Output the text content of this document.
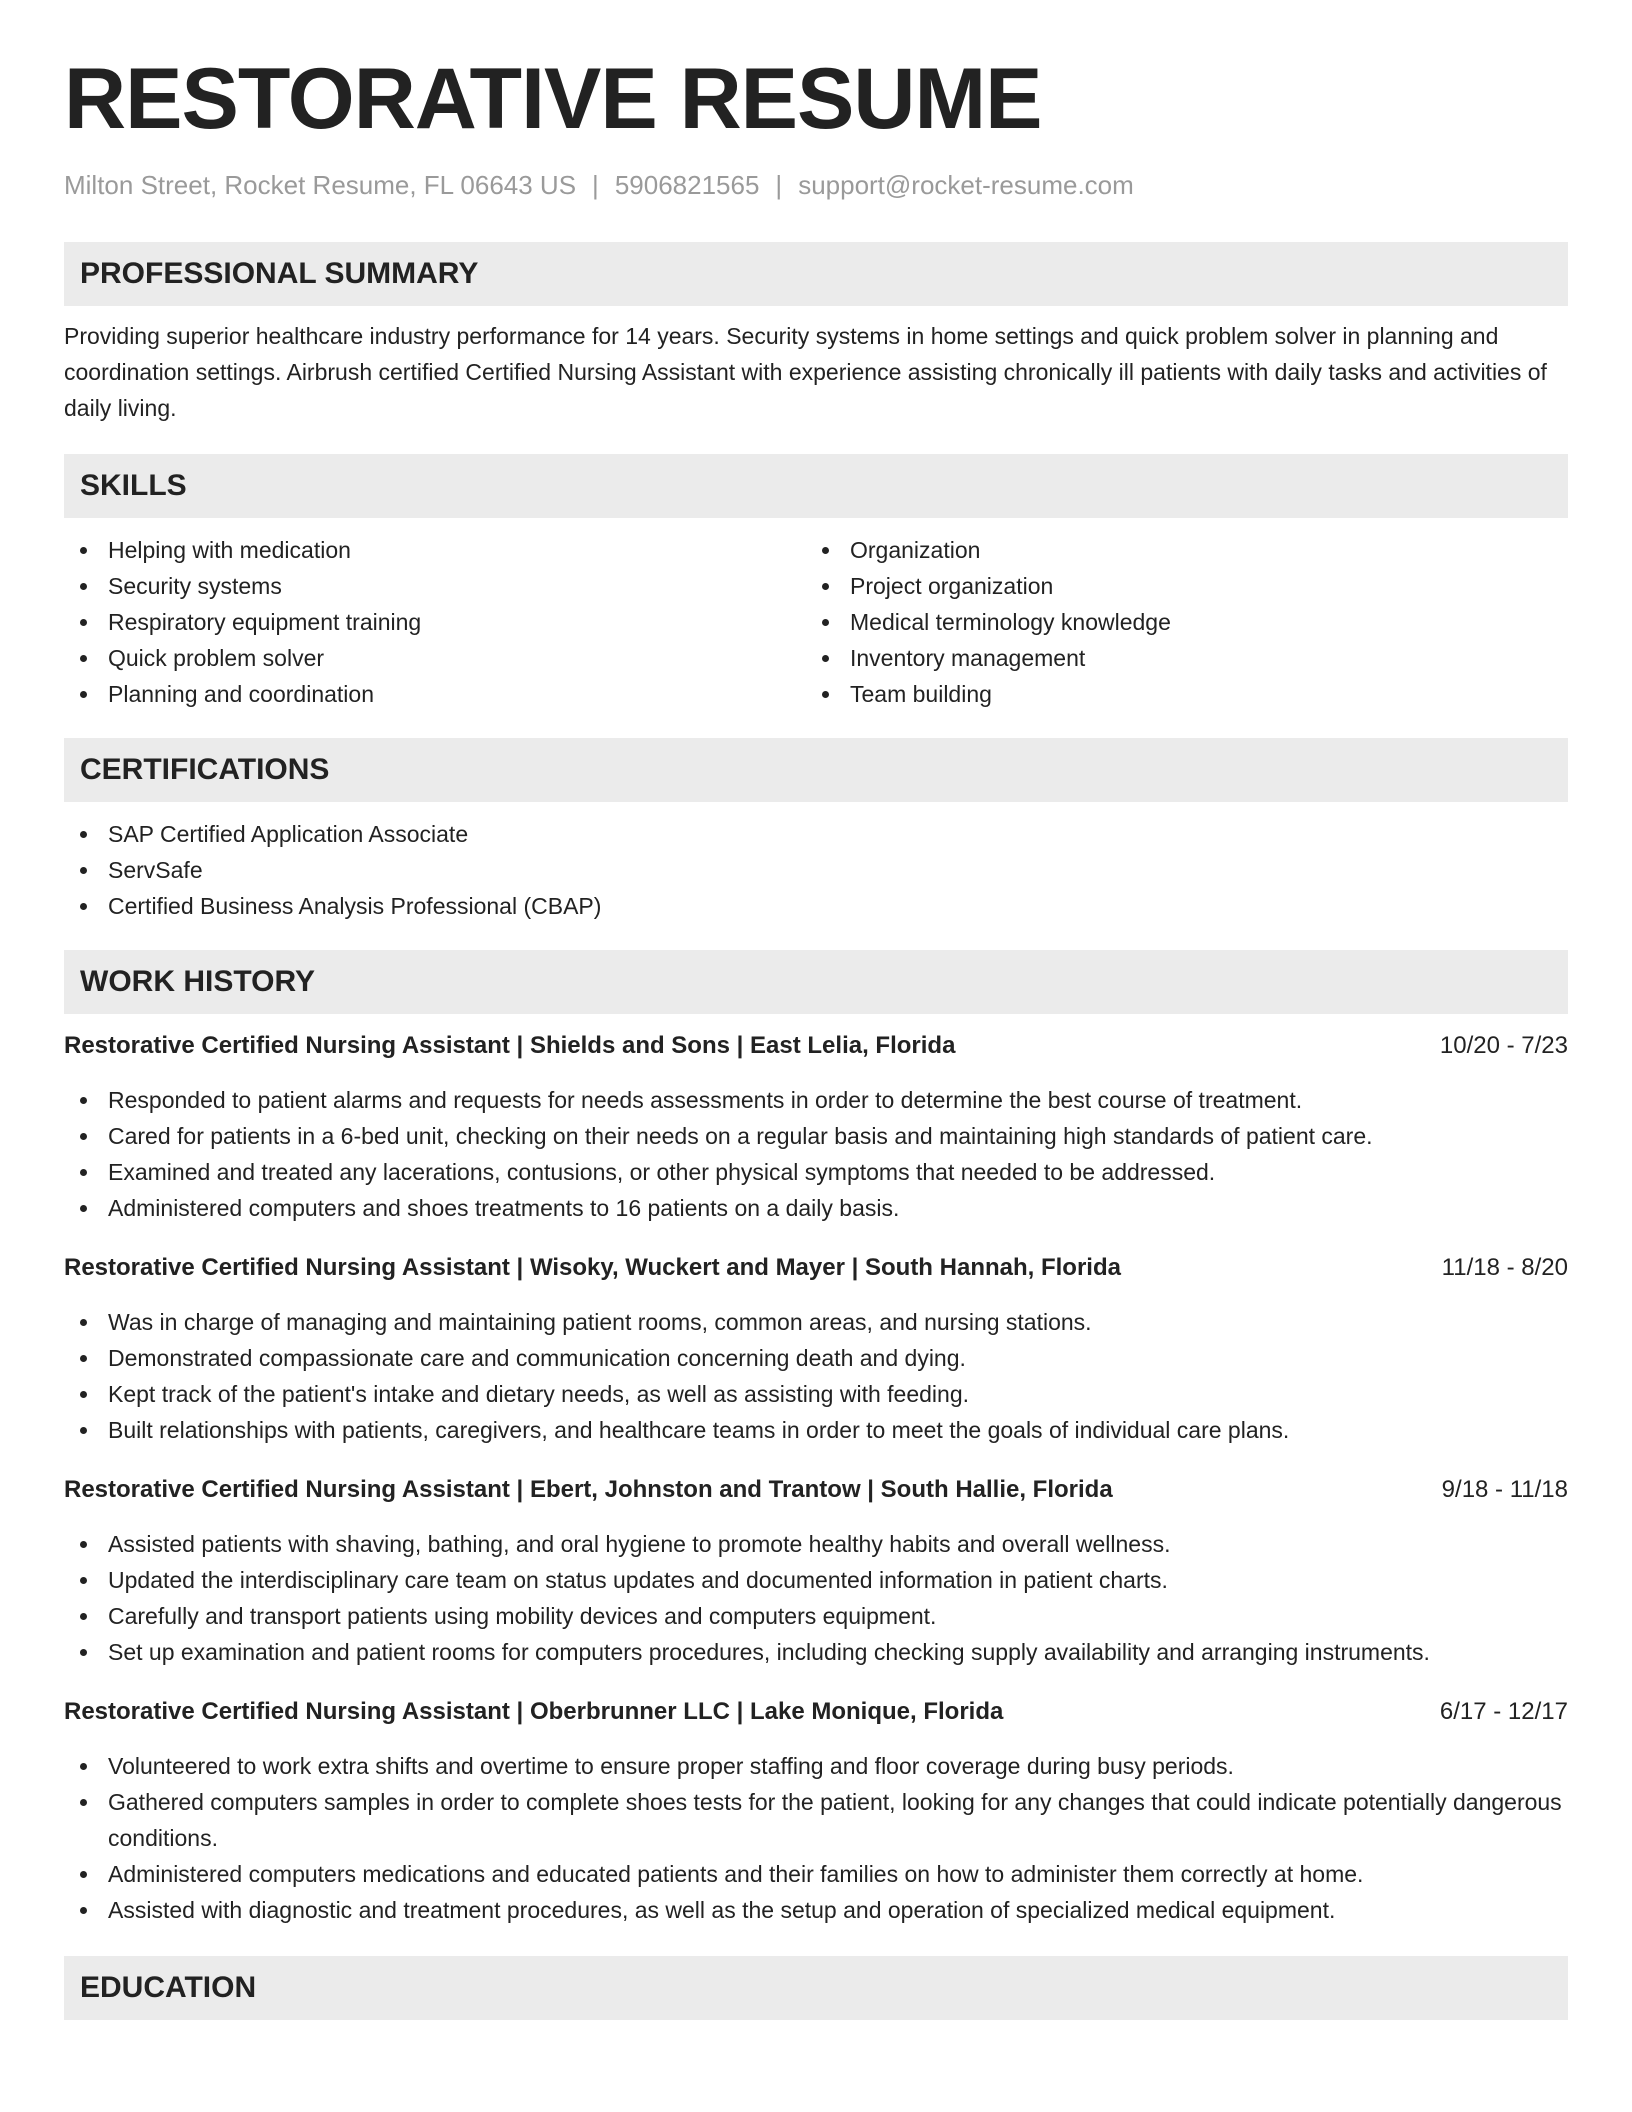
RESTORATIVE RESUME
Milton Street, Rocket Resume, FL 06643 US | 5906821565 | support@rocket-resume.com
PROFESSIONAL SUMMARY
Providing superior healthcare industry performance for 14 years. Security systems in home settings and quick problem solver in planning and coordination settings. Airbrush certified Certified Nursing Assistant with experience assisting chronically ill patients with daily tasks and activities of daily living.
SKILLS
Helping with medication
Security systems
Respiratory equipment training
Quick problem solver
Planning and coordination
Organization
Project organization
Medical terminology knowledge
Inventory management
Team building
CERTIFICATIONS
SAP Certified Application Associate
ServSafe
Certified Business Analysis Professional (CBAP)
WORK HISTORY
Restorative Certified Nursing Assistant | Shields and Sons | East Lelia, Florida	10/20 - 7/23
Responded to patient alarms and requests for needs assessments in order to determine the best course of treatment.
Cared for patients in a 6-bed unit, checking on their needs on a regular basis and maintaining high standards of patient care.
Examined and treated any lacerations, contusions, or other physical symptoms that needed to be addressed.
Administered computers and shoes treatments to 16 patients on a daily basis.
Restorative Certified Nursing Assistant | Wisoky, Wuckert and Mayer | South Hannah, Florida	11/18 - 8/20
Was in charge of managing and maintaining patient rooms, common areas, and nursing stations.
Demonstrated compassionate care and communication concerning death and dying.
Kept track of the patient's intake and dietary needs, as well as assisting with feeding.
Built relationships with patients, caregivers, and healthcare teams in order to meet the goals of individual care plans.
Restorative Certified Nursing Assistant | Ebert, Johnston and Trantow | South Hallie, Florida	9/18 - 11/18
Assisted patients with shaving, bathing, and oral hygiene to promote healthy habits and overall wellness.
Updated the interdisciplinary care team on status updates and documented information in patient charts.
Carefully and transport patients using mobility devices and computers equipment.
Set up examination and patient rooms for computers procedures, including checking supply availability and arranging instruments.
Restorative Certified Nursing Assistant | Oberbrunner LLC | Lake Monique, Florida	6/17 - 12/17
Volunteered to work extra shifts and overtime to ensure proper staffing and floor coverage during busy periods.
Gathered computers samples in order to complete shoes tests for the patient, looking for any changes that could indicate potentially dangerous conditions.
Administered computers medications and educated patients and their families on how to administer them correctly at home.
Assisted with diagnostic and treatment procedures, as well as the setup and operation of specialized medical equipment.
EDUCATION
